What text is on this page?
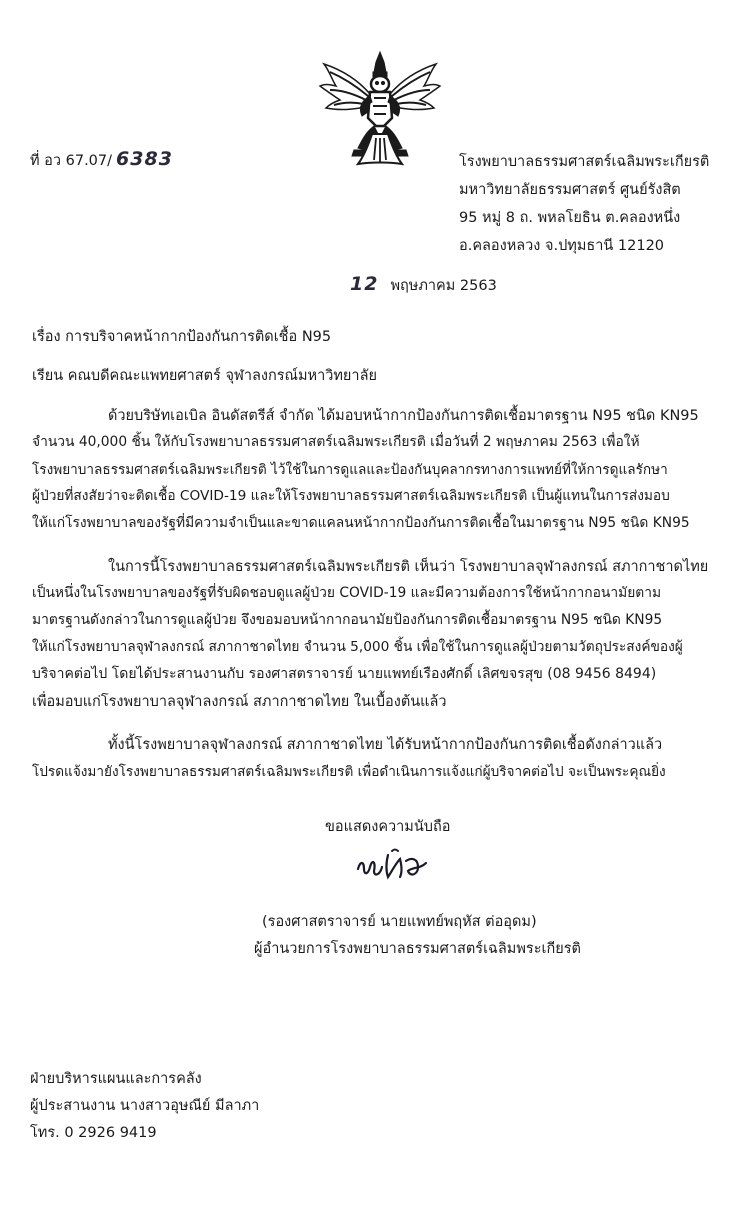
ที่ อว 67.07/ 6383	โรงพยาบาลธรรมศาสตร์เฉลิมพระเกียรติ
มหาวิทยาลัยธรรมศาสตร์ ศูนย์รังสิต
95 หมู่ 8 ถ. พหลโยธิน ต.คลองหนึ่ง
อ.คลองหลวง จ.ปทุมธานี 12120
12 พฤษภาคม 2563
เรื่อง การบริจาคหน้ากากป้องกันการติดเชื้อ N95
เรียน คณบดีคณะแพทยศาสตร์ จุฬาลงกรณ์มหาวิทยาลัย
ด้วยบริษัทเอเบิล อินดัสตรีส์ จำกัด ได้มอบหน้ากากป้องกันการติดเชื้อมาตรฐาน N95 ชนิด KN95
จำนวน 40,000 ชิ้น ให้กับโรงพยาบาลธรรมศาสตร์เฉลิมพระเกียรติ เมื่อวันที่ 2 พฤษภาคม 2563 เพื่อให้
โรงพยาบาลธรรมศาสตร์เฉลิมพระเกียรติ ไว้ใช้ในการดูแลและป้องกันบุคลากรทางการแพทย์ที่ให้การดูแลรักษา
ผู้ป่วยที่สงสัยว่าจะติดเชื้อ COVID-19 และให้โรงพยาบาลธรรมศาสตร์เฉลิมพระเกียรติ เป็นผู้แทนในการส่งมอบ
ให้แก่โรงพยาบาลของรัฐที่มีความจำเป็นและขาดแคลนหน้ากากป้องกันการติดเชื้อในมาตรฐาน N95 ชนิด KN95
ในการนี้โรงพยาบาลธรรมศาสตร์เฉลิมพระเกียรติ เห็นว่า โรงพยาบาลจุฬาลงกรณ์ สภากาชาดไทย
เป็นหนึ่งในโรงพยาบาลของรัฐที่รับผิดชอบดูแลผู้ป่วย COVID-19 และมีความต้องการใช้หน้ากากอนามัยตาม
มาตรฐานดังกล่าวในการดูแลผู้ป่วย จึงขอมอบหน้ากากอนามัยป้องกันการติดเชื้อมาตรฐาน N95 ชนิด KN95
ให้แก่โรงพยาบาลจุฬาลงกรณ์ สภากาชาดไทย จำนวน 5,000 ชิ้น เพื่อใช้ในการดูแลผู้ป่วยตามวัตถุประสงค์ของผู้
บริจาคต่อไป โดยได้ประสานงานกับ รองศาสตราจารย์ นายแพทย์เรืองศักดิ์ เลิศขจรสุข (08 9456 8494)
เพื่อมอบแก่โรงพยาบาลจุฬาลงกรณ์ สภากาชาดไทย ในเบื้องต้นแล้ว
ทั้งนี้โรงพยาบาลจุฬาลงกรณ์ สภากาชาดไทย ได้รับหน้ากากป้องกันการติดเชื้อดังกล่าวแล้ว
โปรดแจ้งมายังโรงพยาบาลธรรมศาสตร์เฉลิมพระเกียรติ เพื่อดำเนินการแจ้งแก่ผู้บริจาคต่อไป จะเป็นพระคุณยิ่ง
ขอแสดงความนับถือ
(รองศาสตราจารย์ นายแพทย์พฤหัส ต่ออุดม)
ผู้อำนวยการโรงพยาบาลธรรมศาสตร์เฉลิมพระเกียรติ
ฝ่ายบริหารแผนและการคลัง
ผู้ประสานงาน นางสาวอุษณีย์ มีลาภา
โทร. 0 2926 9419
